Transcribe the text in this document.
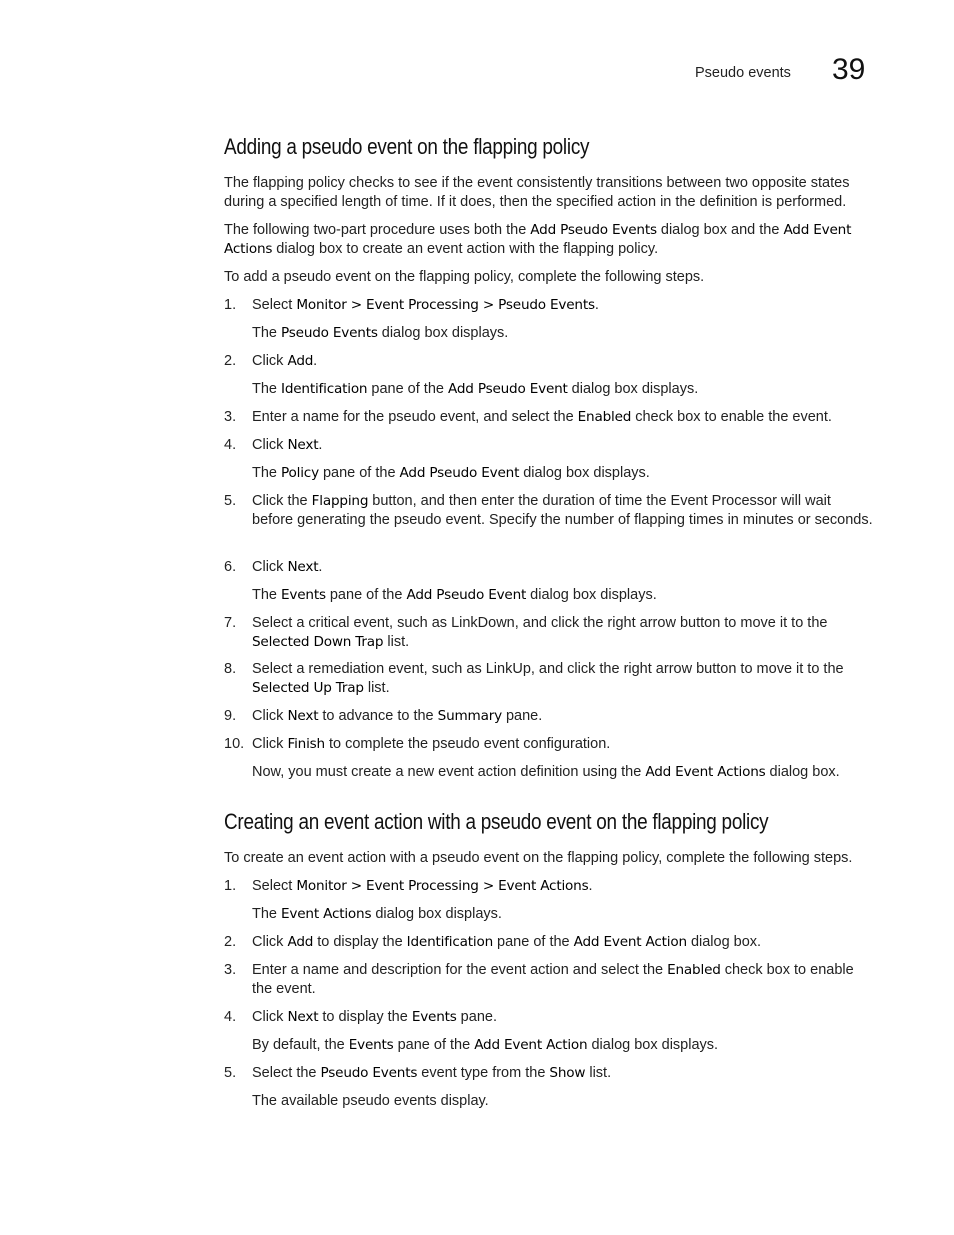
Pseudo events 39
Adding a pseudo event on the flapping policy

The flapping policy checks to see if the event consistently transitions between two opposite states during a specified length of time. If it does, then the specified action in the definition is performed.

The following two-part procedure uses both the Add Pseudo Events dialog box and the Add Event Actions dialog box to create an event action with the flapping policy.

To add a pseudo event on the flapping policy, complete the following steps.

1.	Select Monitor > Event Processing > Pseudo Events.
The Pseudo Events dialog box displays.
2.	Click Add.
The Identification pane of the Add Pseudo Event dialog box displays.
3.	Enter a name for the pseudo event, and select the Enabled check box to enable the event.
4.	Click Next.
The Policy pane of the Add Pseudo Event dialog box displays.
5.	Click the Flapping button, and then enter the duration of time the Event Processor will wait before generating the pseudo event. Specify the number of flapping times in minutes or seconds.
6.	Click Next.
The Events pane of the Add Pseudo Event dialog box displays.
7.	Select a critical event, such as LinkDown, and click the right arrow button to move it to the Selected Down Trap list.
8.	Select a remediation event, such as LinkUp, and click the right arrow button to move it to the Selected Up Trap list.
9.	Click Next to advance to the Summary pane.
10. Click Finish to complete the pseudo event configuration.
Now, you must create a new event action definition using the Add Event Actions dialog box.
Creating an event action with a pseudo event on the flapping policy

To create an event action with a pseudo event on the flapping policy, complete the following steps.

1.	Select Monitor > Event Processing > Event Actions.
The Event Actions dialog box displays.
2.	Click Add to display the Identification pane of the Add Event Action dialog box.
3.	Enter a name and description for the event action and select the Enabled check box to enable the event.
4.	Click Next to display the Events pane.
By default, the Events pane of the Add Event Action dialog box displays.
5.	Select the Pseudo Events event type from the Show list.
The available pseudo events display.
